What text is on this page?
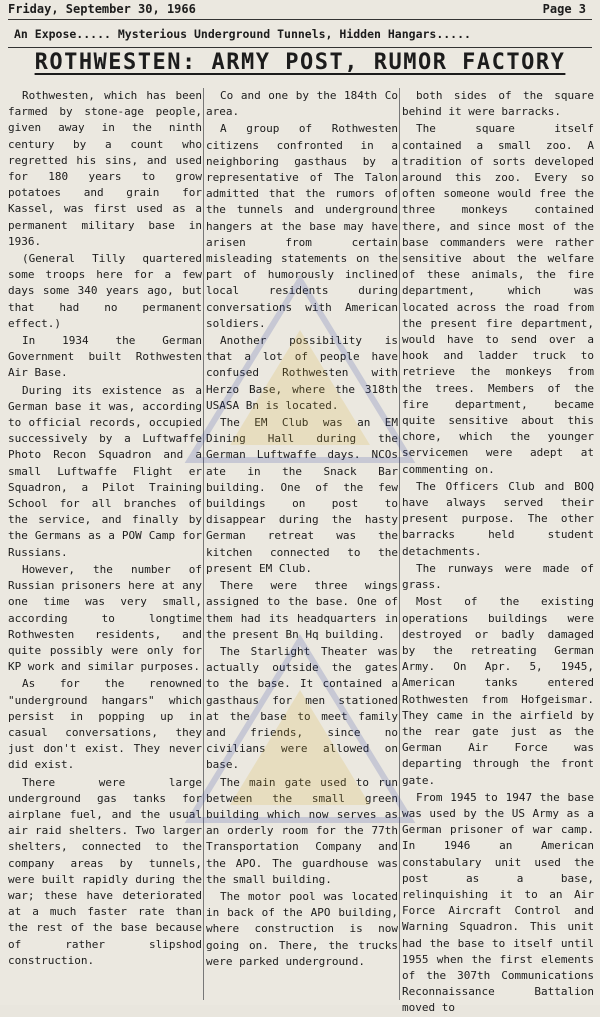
Friday, September 30, 1966

	Page 3

An Expose..... Mysterious Underground Tunnels, Hidden Hangars.....
ROTHWESTEN: ARMY POST, RUMOR FACTORY

Rothwesten, which has been farmed by stone-age people, given away in the ninth century by a count who regretted his sins, and used for 180 years to grow potatoes and grain for Kassel, was first used as a permanent military base in 1936.

(General Tilly quartered some troops here for a few days some 340 years ago, but that had no permanent effect.)

In 1934 the German Government built Rothwesten Air Base.

During its existence as a German base it was, according to official records, occupied successively by a Luftwaffe Photo Recon Squadron and a small Luftwaffe Flight er Squadron, a Pilot Training School for all branches of the service, and finally by the Germans as a POW Camp for Russians.

However, the number of Russian prisoners here at any one time was very small, according to longtime Rothwesten residents, and quite possibly were only for KP work and similar purposes.

As for the renowned "underground hangars" which persist in popping up in casual conversations, they just don't exist. They never did exist.

There were large underground gas tanks for airplane fuel, and the usual air raid shelters. Two larger shelters, connected to the company areas by tunnels, were built rapidly during the war; these have deteriorated at a much faster rate than the rest of the base because of rather slipshod construction.

Co and one by the 184th Co area.

A group of Rothwesten citizens confronted in a neighboring gasthaus by a representative of The Talon admitted that the rumors of the tunnels and underground hangers at the base may have arisen from certain misleading statements on the part of humorously inclined local residents during conversations with American soldiers.

Another possibility is that a lot of people have confused Rothwesten with Herzo Base, where the 318th USASA Bn is located.

The EM Club was an EM Dining Hall during the German Luftwaffe days. NCOs ate in the Snack Bar building. One of the few buildings on post to disappear during the hasty German retreat was the kitchen connected to the present EM Club.

There were three wings assigned to the base. One of them had its headquarters in the present Bn Hq building.

The Starlight Theater was actually outside the gates to the base. It contained a gasthaus for men stationed at the base to meet family and friends, since no civilians were allowed on base.

The main gate used to run between the small green building which now serves as an orderly room for the 77th Transportation Company and the APO. The guardhouse was the small building.

The motor pool was located in back of the APO building, where construction is now going on. There, the trucks were parked underground.

both sides of the square behind it were barracks.

The square itself contained a small zoo. A tradition of sorts developed around this zoo. Every so often someone would free the three monkeys contained there, and since most of the base commanders were rather sensitive about the welfare of these animals, the fire department, which was located across the road from the present fire department, would have to send over a hook and ladder truck to retrieve the monkeys from the trees. Members of the fire department, became quite sensitive about this chore, which the younger servicemen were adept at commenting on.

The Officers Club and BOQ have always served their present purpose. The other barracks held student detachments.

The runways were made of grass.

Most of the existing operations buildings were destroyed or badly damaged by the retreating German Army. On Apr. 5, 1945, American tanks entered Rothwesten from Hofgeismar. They came in the airfield by the rear gate just as the German Air Force was departing through the front gate.

From 1945 to 1947 the base was used by the US Army as a German prisoner of war camp. In 1946 an American constabulary unit used the post as a base, relinquishing it to an Air Force Aircraft Control and Warning Squadron. This unit had the base to itself until 1955 when the first elements of the 307th Communications Reconnaissance Battalion moved to
